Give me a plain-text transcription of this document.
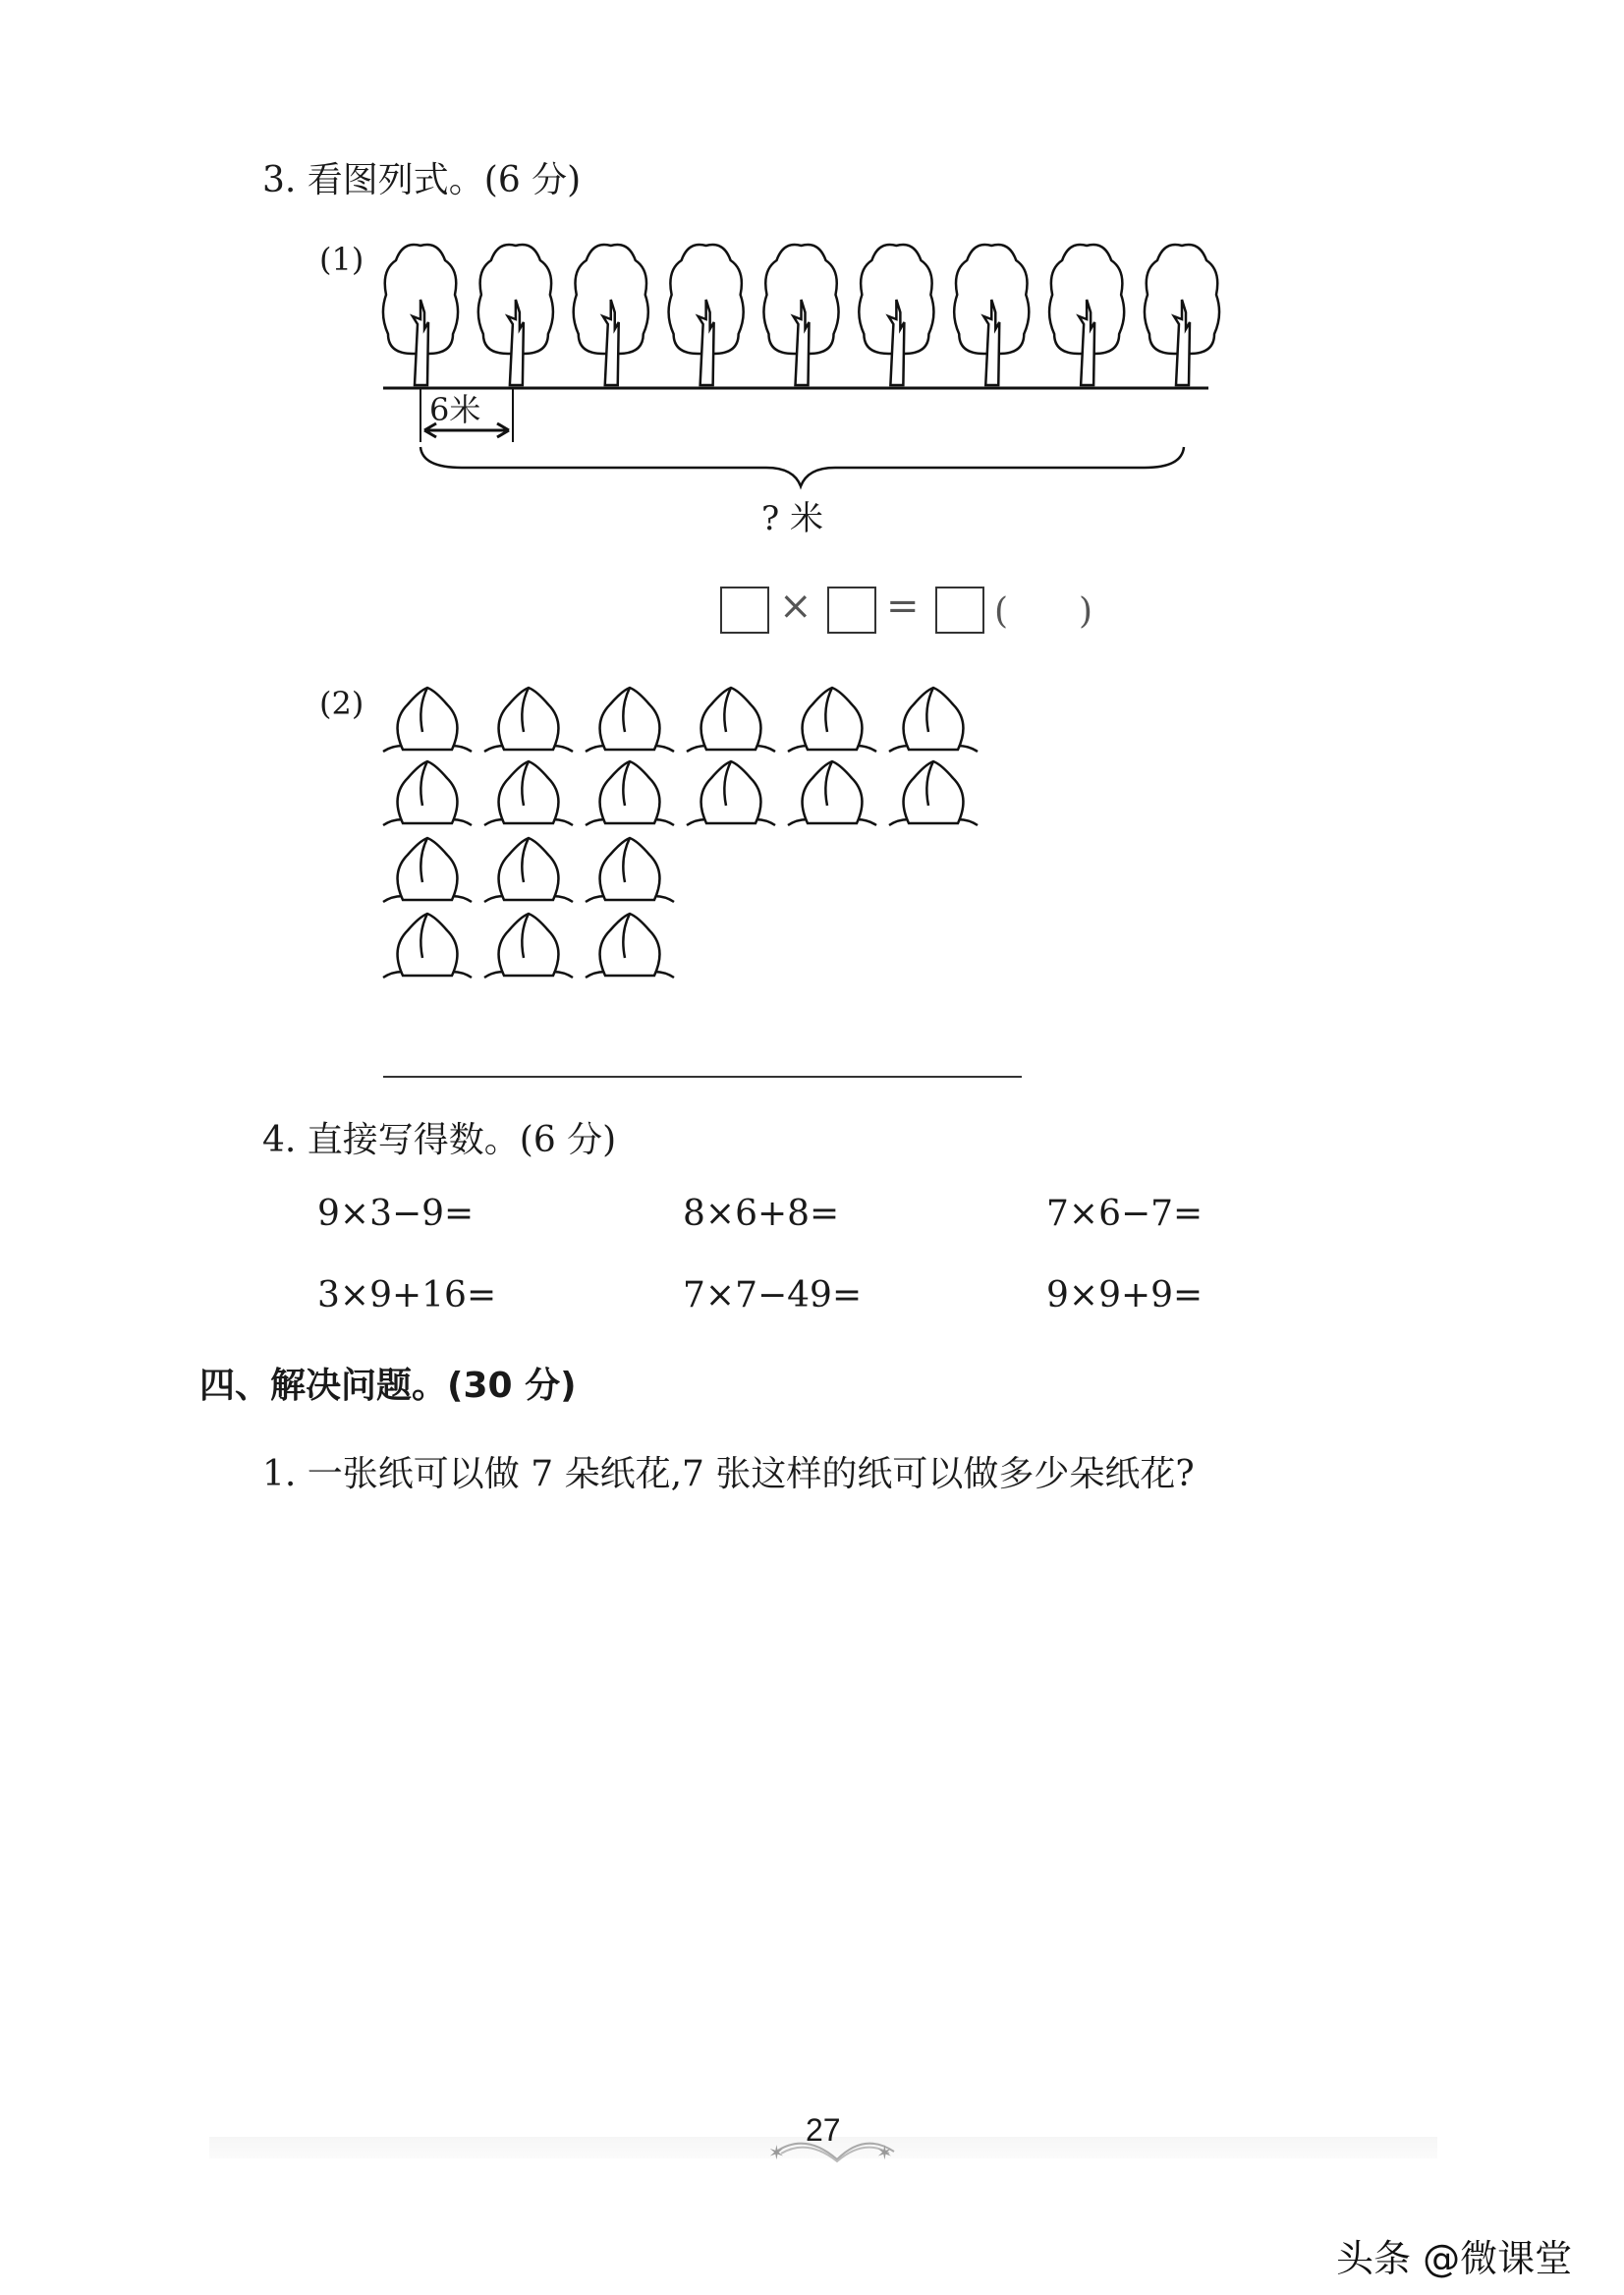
3. 看图列式。(6 分)
(1)
6米
? 米
× = (　　)
(2)
4. 直接写得数。(6 分)
9×3−9=	8×6+8=	7×6−7=
3×9+16=	7×7−49=	9×9+9=
四、解决问题。(30 分)
1. 一张纸可以做 7 朵纸花,7 张这样的纸可以做多少朵纸花?
27
✶	✶
头条 @微课堂
